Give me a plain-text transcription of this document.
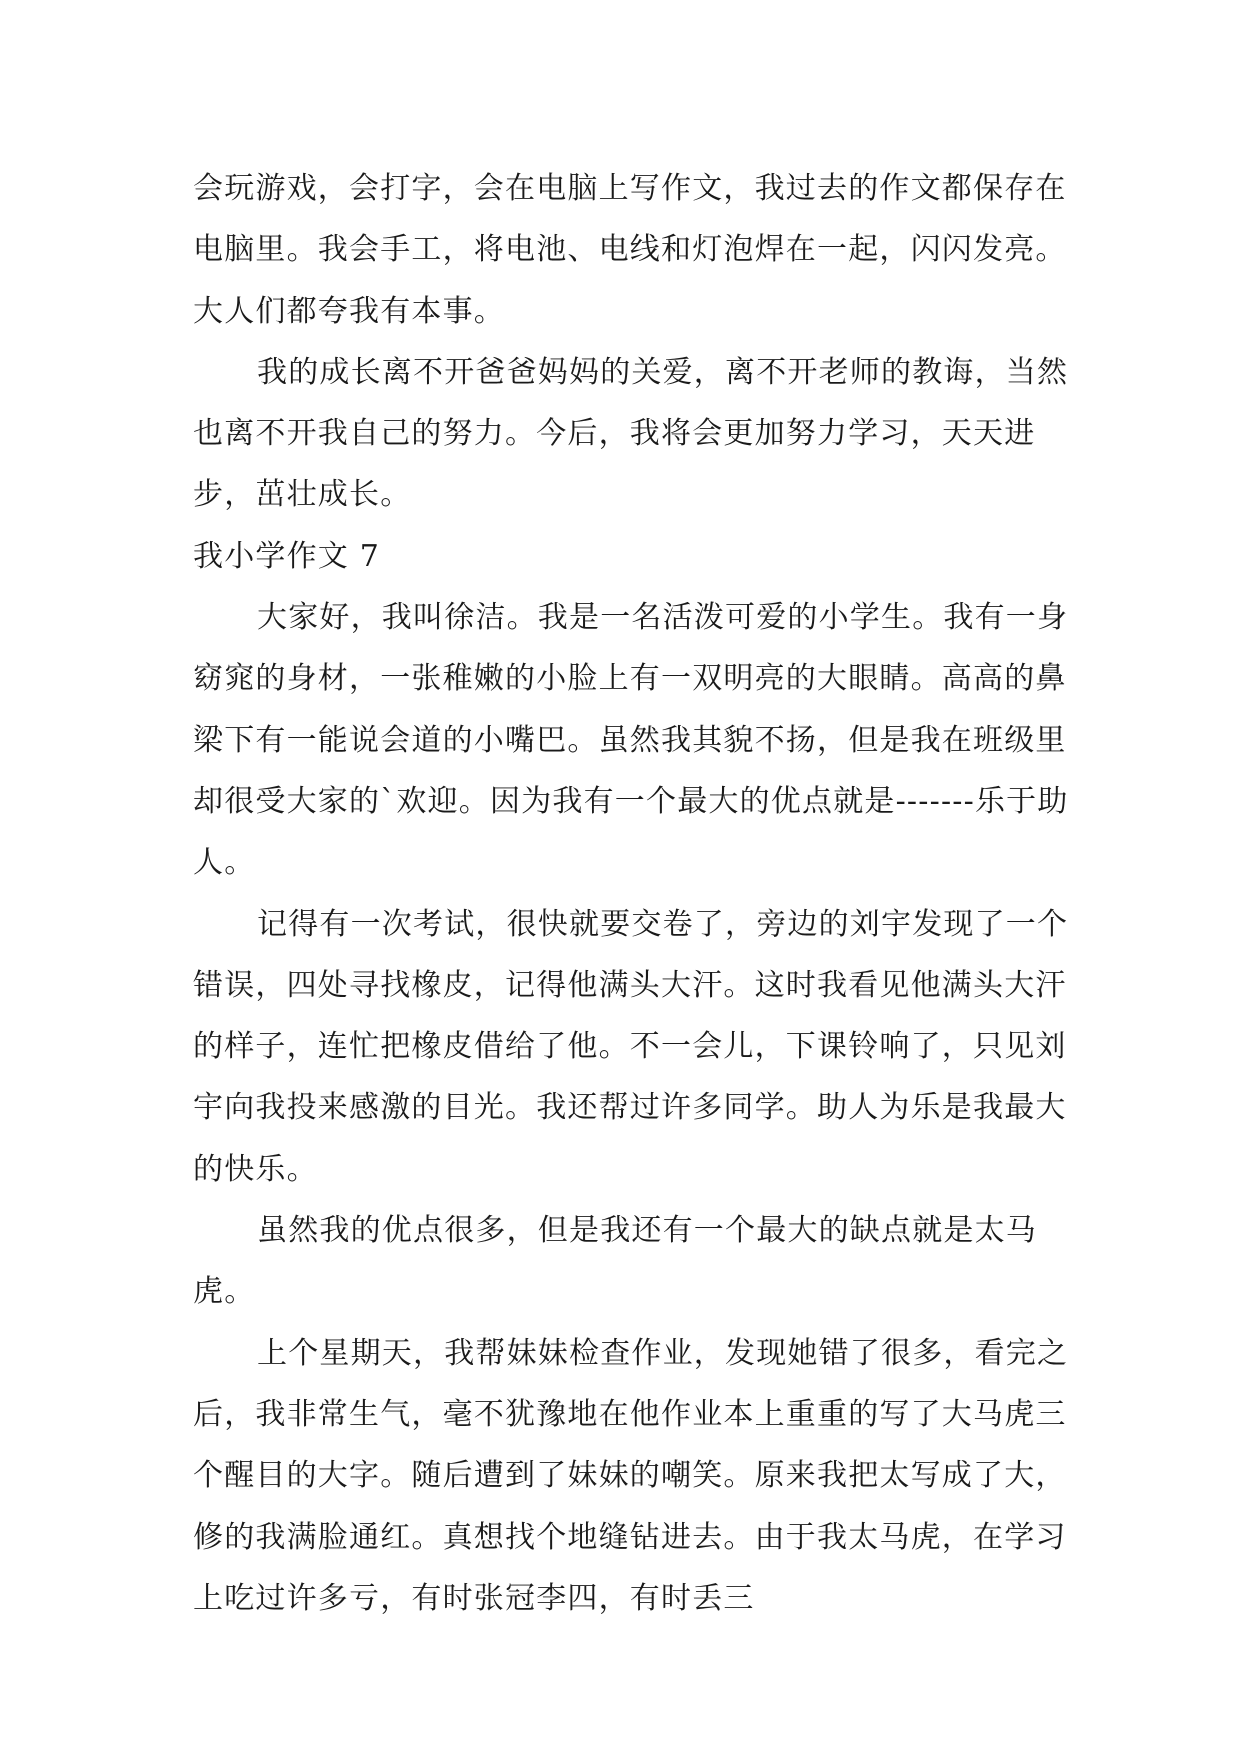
会玩游戏，会打字，会在电脑上写作文，我过去的作文都保存在电脑里。我会手工，将电池、电线和灯泡焊在一起，闪闪发亮。大人们都夸我有本事。

我的成长离不开爸爸妈妈的关爱，离不开老师的教诲，当然也离不开我自己的努力。今后，我将会更加努力学习，天天进步，茁壮成长。

我小学作文 7

大家好，我叫徐洁。我是一名活泼可爱的小学生。我有一身窈窕的身材，一张稚嫩的小脸上有一双明亮的大眼睛。高高的鼻梁下有一能说会道的小嘴巴。虽然我其貌不扬，但是我在班级里却很受大家的`欢迎。因为我有一个最大的优点就是-------乐于助人。

记得有一次考试，很快就要交卷了，旁边的刘宇发现了一个错误，四处寻找橡皮，记得他满头大汗。这时我看见他满头大汗的样子，连忙把橡皮借给了他。不一会儿，下课铃响了，只见刘宇向我投来感激的目光。我还帮过许多同学。助人为乐是我最大的快乐。

虽然我的优点很多，但是我还有一个最大的缺点就是太马虎。

上个星期天，我帮妹妹检查作业，发现她错了很多，看完之后，我非常生气，毫不犹豫地在他作业本上重重的写了大马虎三个醒目的大字。随后遭到了妹妹的嘲笑。原来我把太写成了大，修的我满脸通红。真想找个地缝钻进去。由于我太马虎，在学习上吃过许多亏，有时张冠李四，有时丢三
